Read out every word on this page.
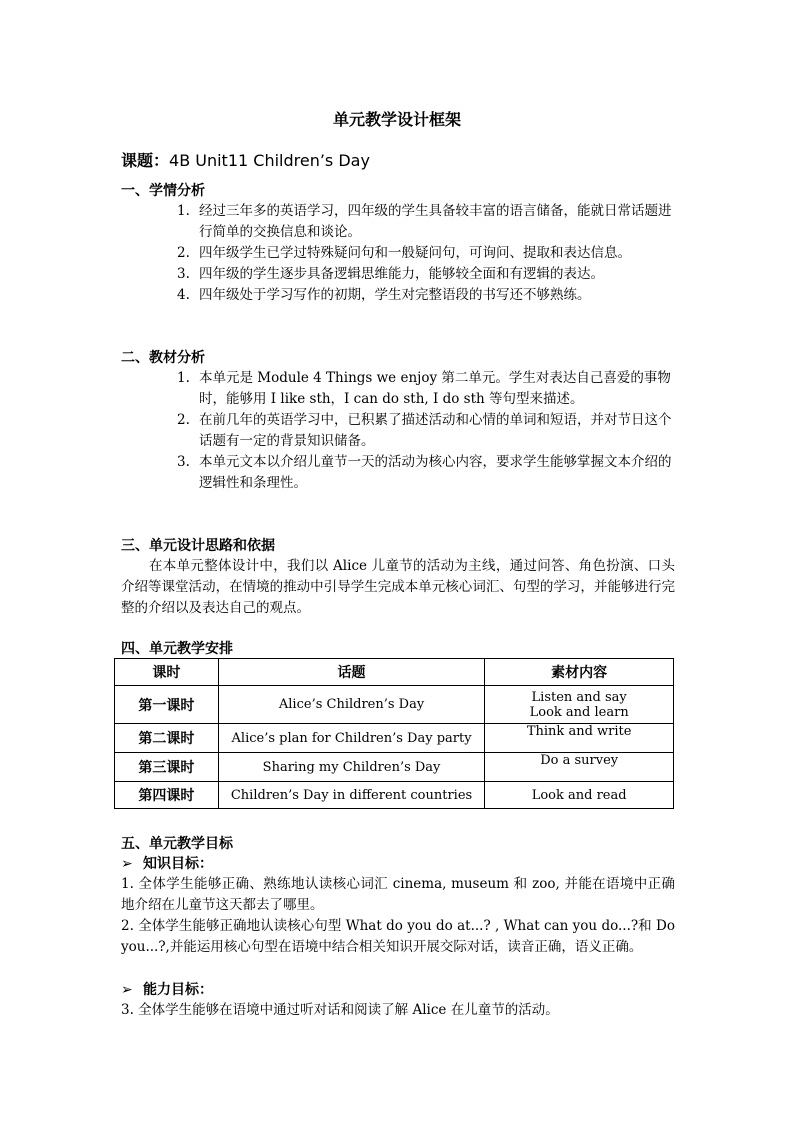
单元教学设计框架
课题：4B Unit11 Children’s Day
一、学情分析
1. 经过三年多的英语学习，四年级的学生具备较丰富的语言储备，能就日常话题进行简单的交换信息和谈论。
2. 四年级学生已学过特殊疑问句和一般疑问句，可询问、提取和表达信息。
3. 四年级的学生逐步具备逻辑思维能力，能够较全面和有逻辑的表达。
4. 四年级处于学习写作的初期，学生对完整语段的书写还不够熟练。
二、教材分析
1. 本单元是 Module 4 Things we enjoy 第二单元。学生对表达自己喜爱的事物时，能够用 I like sth，I can do sth, I do sth 等句型来描述。
2. 在前几年的英语学习中，已积累了描述活动和心情的单词和短语，并对节日这个话题有一定的背景知识储备。
3. 本单元文本以介绍儿童节一天的活动为核心内容，要求学生能够掌握文本介绍的逻辑性和条理性。
三、单元设计思路和依据
在本单元整体设计中，我们以 Alice 儿童节的活动为主线，通过问答、角色扮演、口头介绍等课堂活动，在情境的推动中引导学生完成本单元核心词汇、句型的学习，并能够进行完整的介绍以及表达自己的观点。
四、单元教学安排
课时	话题	素材内容
第一课时	Alice’s Children’s Day	Listen and say
Look and learn

第二课时	Alice’s plan for Children’s Day party	Think and write
第三课时	Sharing my Children’s Day	Do a survey
第四课时	Children’s Day in different countries	Look and read
五、单元教学目标
➢ 知识目标：
1. 全体学生能够正确、熟练地认读核心词汇 cinema, museum 和 zoo, 并能在语境中正确地介绍在儿童节这天都去了哪里。
2. 全体学生能够正确地认读核心句型 What do you do at...? , What can you do...?和 Do you...?,并能运用核心句型在语境中结合相关知识开展交际对话，读音正确，语义正确。
➢ 能力目标：
3. 全体学生能够在语境中通过听对话和阅读了解 Alice 在儿童节的活动。
